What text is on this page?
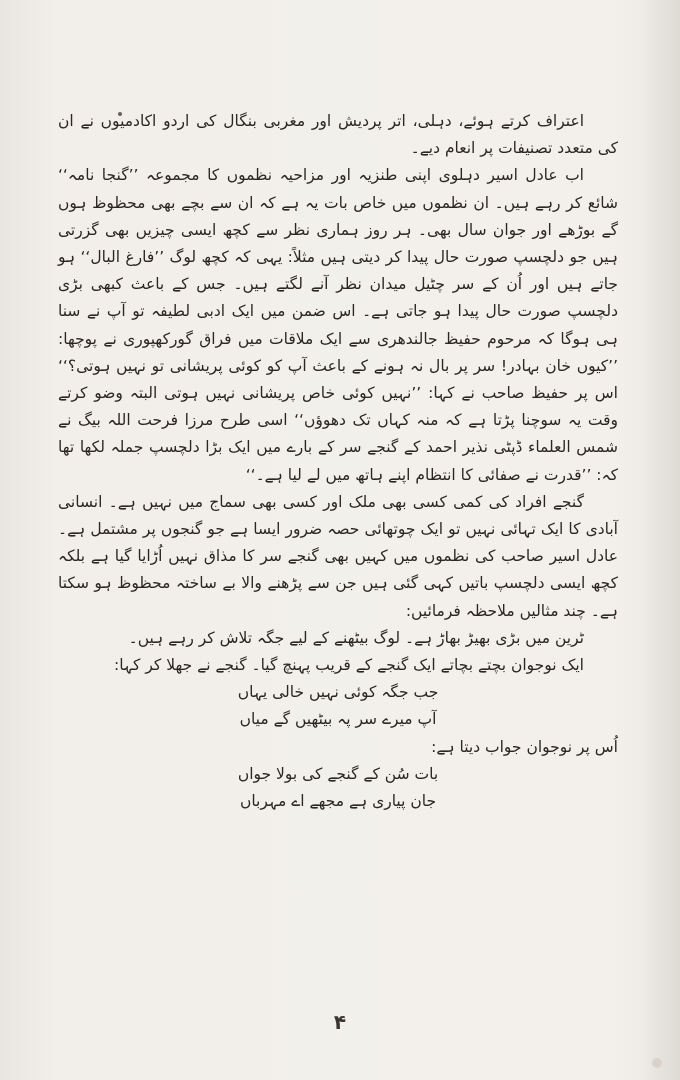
اعتراف کرتے ہوئے، دہلی، اتر پردیش اور مغربی بنگال کی اردو اکادمیوں نے ان کی متعدد تصنیفات پر انعام دیے۔

اب عادل اسیر دہلوی اپنی طنزیہ اور مزاحیہ نظموں کا مجموعہ ’’گنجا نامہ‘‘ شائع کر رہے ہیں۔ ان نظموں میں خاص بات یہ ہے کہ ان سے بچے بھی محظوظ ہوں گے بوڑھے اور جوان سال بھی۔ ہر روز ہماری نظر سے کچھ ایسی چیزیں بھی گزرتی ہیں جو دلچسپ صورت حال پیدا کر دیتی ہیں مثلاً: یہی کہ کچھ لوگ ’’فارغ البال‘‘ ہو جاتے ہیں اور اُن کے سر چٹیل میدان نظر آنے لگتے ہیں۔ جس کے باعث کبھی بڑی دلچسپ صورت حال پیدا ہو جاتی ہے۔ اس ضمن میں ایک ادبی لطیفہ تو آپ نے سنا ہی ہوگا کہ مرحوم حفیظ جالندھری سے ایک ملاقات میں فراق گورکھپوری نے پوچھا: ’’کیوں خان بہادر! سر پر بال نہ ہونے کے باعث آپ کو کوئی پریشانی تو نہیں ہوتی؟‘‘ اس پر حفیظ صاحب نے کہا: ’’نہیں کوئی خاص پریشانی نہیں ہوتی البتہ وضو کرتے وقت یہ سوچنا پڑتا ہے کہ منہ کہاں تک دھوؤں‘‘ اسی طرح مرزا فرحت اللہ بیگ نے شمس العلماء ڈپٹی نذیر احمد کے گنجے سر کے بارے میں ایک بڑا دلچسپ جملہ لکھا تھا کہ: ’’قدرت نے صفائی کا انتظام اپنے ہاتھ میں لے لیا ہے۔‘‘

گنجے افراد کی کمی کسی بھی ملک اور کسی بھی سماج میں نہیں ہے۔ انسانی آبادی کا ایک تہائی نہیں تو ایک چوتھائی حصہ ضرور ایسا ہے جو گنجوں پر مشتمل ہے۔ عادل اسیر صاحب کی نظموں میں کہیں بھی گنجے سر کا مذاق نہیں اُڑایا گیا ہے بلکہ کچھ ایسی دلچسپ باتیں کہی گئی ہیں جن سے پڑھنے والا بے ساختہ محظوظ ہو سکتا ہے۔ چند مثالیں ملاحظہ فرمائیں:

ٹرین میں بڑی بھیڑ بھاڑ ہے۔ لوگ بیٹھنے کے لیے جگہ تلاش کر رہے ہیں۔

ایک نوجوان بچتے بچاتے ایک گنجے کے قریب پہنچ گیا۔ گنجے نے جھلا کر کہا:

جب جگہ کوئی نہیں خالی یہاں

آپ میرے سر پہ بیٹھیں گے میاں

اُس پر نوجوان جواب دیتا ہے:

بات سُن کے گنجے کی بولا جواں

جان پیاری ہے مجھے اے مہرباں

۴
